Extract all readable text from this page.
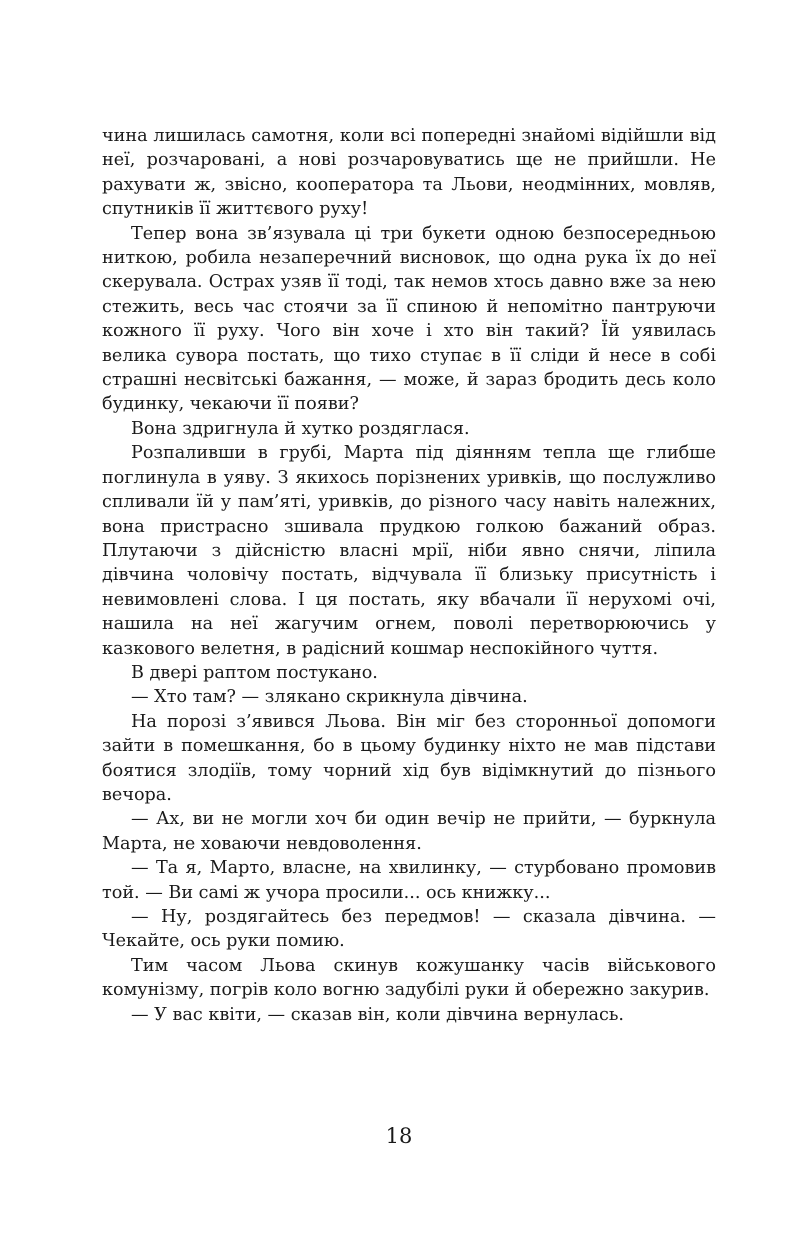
чина лишилась самотня, коли всі попередні знайомі відійшли від неї, розчаровані, а нові розчаровуватись ще не прийшли. Не рахувати ж, звісно, кооператора та Льови, неодмінних, мовляв, спутників її життєвого руху!

Тепер вона зв’язувала ці три букети одною безпосередньою ниткою, робила незаперечний висновок, що одна рука їх до неї скерувала. Острах узяв її тоді, так немов хтось давно вже за нею стежить, весь час стоячи за її спиною й непомітно пантруючи кожного її руху. Чого він хоче і хто він такий? Їй уявилась велика сувора постать, що тихо ступає в її сліди й несе в собі страшні несвітські бажання, — може, й зараз бродить десь коло будинку, чекаючи її появи?

Вона здригнула й хутко роздяглася.

Розпаливши в грубі, Марта під діянням тепла ще глибше поглинула в уяву. З якихось порізнених уривків, що послужливо спливали їй у пам’яті, уривків, до різного часу навіть належних, вона пристрасно зшивала прудкою голкою бажаний образ. Плутаючи з дійсністю власні мрії, ніби явно снячи, ліпила дівчина чоловічу постать, відчувала її близьку присутність і невимовлені слова. І ця постать, яку вбачали її нерухомі очі, нашила на неї жагучим огнем, поволі перетворюючись у казкового велетня, в радісний кошмар неспокійного чуття.

В двері раптом постукано.

— Хто там? — злякано скрикнула дівчина.

На порозі з’явився Льова. Він міг без сторонньої допомоги зайти в помешкання, бо в цьому будинку ніхто не мав підстави боятися злодіїв, тому чорний хід був відімкнутий до пізнього вечора.

— Ах, ви не могли хоч би один вечір не прийти, — буркнула Марта, не ховаючи невдоволення.

— Та я, Марто, власне, на хвилинку, — стурбовано промовив той. — Ви самі ж учора просили... ось книжку...

— Ну, роздягайтесь без передмов! — сказала дівчина. — Чекайте, ось руки помию.

Тим часом Льова скинув кожушанку часів військового комунізму, погрів коло вогню задубілі руки й обережно закурив.

— У вас квіти, — сказав він, коли дівчина вернулась.

18
